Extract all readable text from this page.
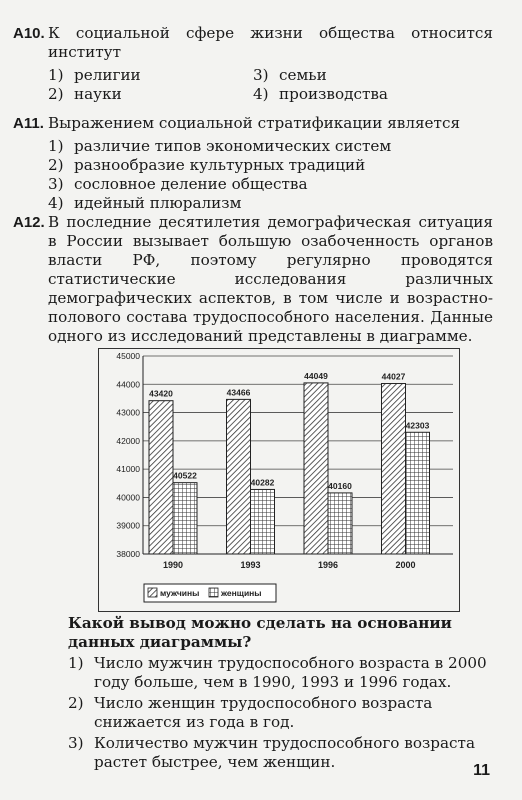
A10. К социальной сфере жизни общества относится институт
1) религии	3) семьи
2) науки	4) производства
A11. Выражением социальной стратификации является
1) различие типов экономических систем
2) разнообразие культурных традиций
3) сословное деление общества
4) идейный плюрализм
A12. В последние десятилетия демографическая ситуация в России вызывает большую озабоченность органов власти РФ, поэтому регулярно проводятся статистические исследования различных демографических аспектов, в том числе и возрастно-полового состава трудоспособного населения. Данные одного из исследований представлены в диаграмме.
38000
39000
40000
41000
42000
43000
44000
45000
43420
40522
1990
43466
40282
1993
44049
40160
1996
44027
42303
2000
мужчины	женщины
Какой вывод можно сделать на основании данных диаграммы?
1) Число мужчин трудоспособного возраста в 2000 году больше, чем в 1990, 1993 и 1996 годах.
2) Число женщин трудоспособного возраста снижается из года в год.
3) Количество мужчин трудоспособного возраста растет быстрее, чем женщин.	11
